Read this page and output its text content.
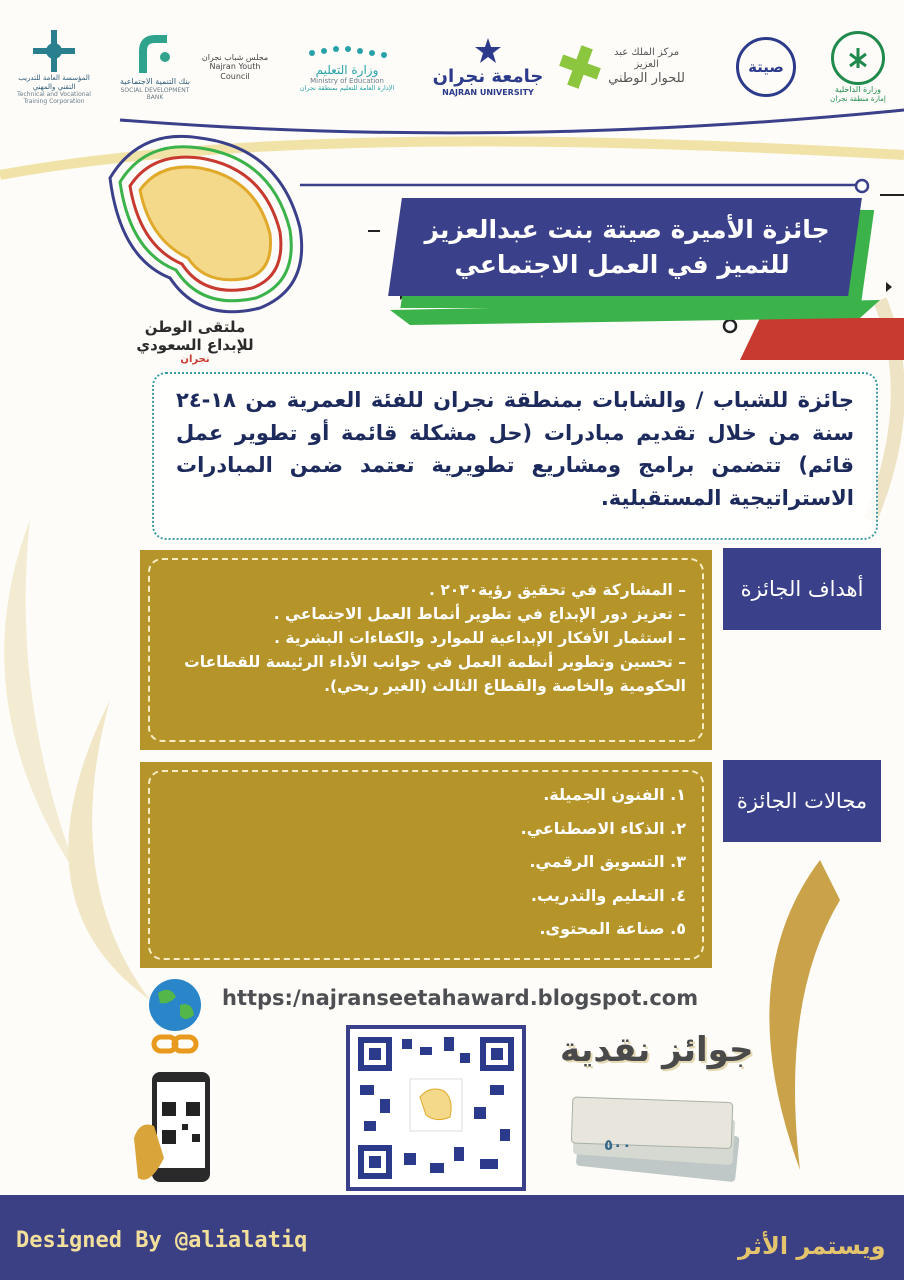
المؤسسة العامة للتدريب التقني والمهني
Technical and Vocational Training Corporation
بنك التنمية الاجتماعية
SOCIAL DEVELOPMENT BANK
مجلس شباب نجران
Najran Youth Council	وزارة التعليم
Ministry of Education
الإدارة العامة للتعليم بمنطقة نجران
جامعة نجران
NAJRAN UNIVERSITY
مركز الملك عبد العزيز
للحوار الوطني
صيتة
وزارة الداخلية
إمارة منطقة نجران
ملتقى الوطن
للإبداع السعودي
نجران
جائزة الأميرة صيتة بنت عبدالعزيز
للتميز في العمل الاجتماعي
جائزة للشباب / والشابات بمنطقة نجران للفئة العمرية من ١٨-٢٤ سنة من خلال تقديم مبادرات (حل مشكلة قائمة أو تطوير عمل قائم) تتضمن برامج ومشاريع تطويرية تعتمد ضمن المبادرات الاستراتيجية المستقبلية.
أهداف الجائزة
– المشاركة في تحقيق رؤية٢٠٣٠ .
– تعزيز دور الإبداع في تطوير أنماط العمل الاجتماعي .
– استثمار الأفكار الإبداعية للموارد والكفاءات البشرية .
– تحسين وتطوير أنظمة العمل في جوانب الأداء الرئيسة للقطاعات الحكومية والخاصة والقطاع الثالث (الغير ربحي).
مجالات الجائزة
١. الفنون الجميلة.
٢. الذكاء الاصطناعي.
٣. التسويق الرقمي.
٤. التعليم والتدريب.
٥. صناعة المحتوى.
https:/najranseetahaward.blogspot.com
جوائز نقدية
٥٠٠
Designed By @alialatiq	ويستمر الأثر
